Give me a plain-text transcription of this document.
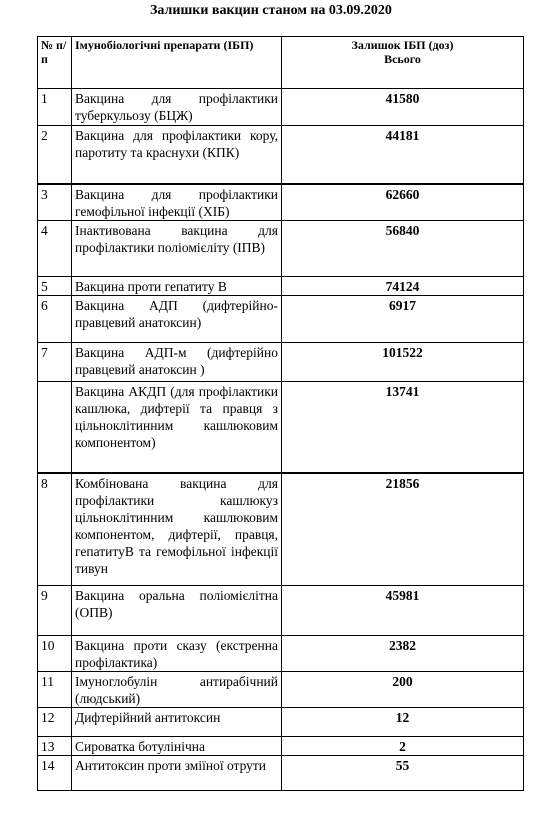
Залишки вакцин станом на 03.09.2020
№ п/п	Імунобіологічні препарати (ІБП)	Залишок ІБП (доз)
Всього

1	Вакцина для профілактики туберкульозу (БЦЖ)	41580
2	Вакцина для профілактики кору, паротиту та краснухи (КПК)	44181
3	Вакцина для профілактики гемофільної інфекції (ХІБ)	62660
4	Інактивована вакцина для профілактики поліомієліту (ІПВ)	56840
5	Вакцина проти гепатиту В	74124
6	Вакцина АДП (дифтерійно-правцевий анатоксин)	6917
7	Вакцина АДП-м (дифтерійно правцевий анатоксин )	101522
	Вакцина АКДП (для профілактики кашлюка, дифтерії та правця з цільноклітинним кашлюковим компонентом)	13741
8	Комбінована вакцина для профілактики кашлюкуз цільноклітинним кашлюковим компонентом, дифтерії, правця, гепатитуВ та гемофільної інфекції тивун	21856
9	Вакцина оральна поліомієлітна (ОПВ)	45981
10	Вакцина проти сказу (екстренна профілактика)	2382
11	Імуноглобулін антирабічний (людський)	200
12	Дифтерійний антитоксин	12
13	Сироватка ботулінічна	2
14	Антитоксин проти зміїної отрути	55
